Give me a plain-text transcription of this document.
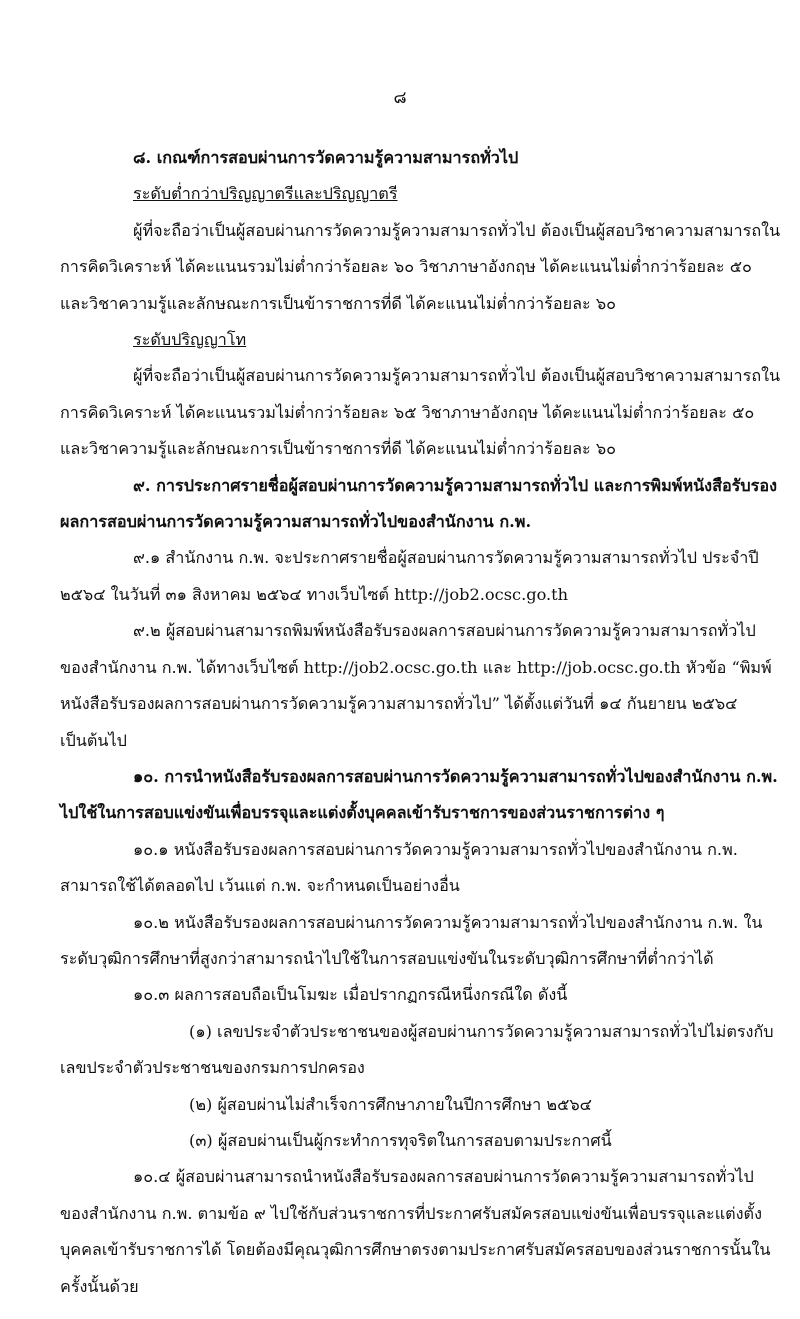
๘

๘. เกณฑ์การสอบผ่านการวัดความรู้ความสามารถทั่วไป

ระดับต่ำกว่าปริญญาตรีและปริญญาตรี

ผู้ที่จะถือว่าเป็นผู้สอบผ่านการวัดความรู้ความสามารถทั่วไป ต้องเป็นผู้สอบวิชาความสามารถในการคิดวิเคราะห์ ได้คะแนนรวมไม่ต่ำกว่าร้อยละ ๖๐ วิชาภาษาอังกฤษ ได้คะแนนไม่ต่ำกว่าร้อยละ ๕๐ และวิชาความรู้และลักษณะการเป็นข้าราชการที่ดี ได้คะแนนไม่ต่ำกว่าร้อยละ ๖๐

ระดับปริญญาโท

ผู้ที่จะถือว่าเป็นผู้สอบผ่านการวัดความรู้ความสามารถทั่วไป ต้องเป็นผู้สอบวิชาความสามารถในการคิดวิเคราะห์ ได้คะแนนรวมไม่ต่ำกว่าร้อยละ ๖๕ วิชาภาษาอังกฤษ ได้คะแนนไม่ต่ำกว่าร้อยละ ๕๐ และวิชาความรู้และลักษณะการเป็นข้าราชการที่ดี ได้คะแนนไม่ต่ำกว่าร้อยละ ๖๐

๙. การประกาศรายชื่อผู้สอบผ่านการวัดความรู้ความสามารถทั่วไป และการพิมพ์หนังสือรับรองผลการสอบผ่านการวัดความรู้ความสามารถทั่วไปของสำนักงาน ก.พ.

๙.๑ สำนักงาน ก.พ. จะประกาศรายชื่อผู้สอบผ่านการวัดความรู้ความสามารถทั่วไป ประจำปี ๒๕๖๔ ในวันที่ ๓๑ สิงหาคม ๒๕๖๔ ทางเว็บไซต์ http://job2.ocsc.go.th

๙.๒ ผู้สอบผ่านสามารถพิมพ์หนังสือรับรองผลการสอบผ่านการวัดความรู้ความสามารถทั่วไปของสำนักงาน ก.พ. ได้ทางเว็บไซต์ http://job2.ocsc.go.th และ http://job.ocsc.go.th หัวข้อ “พิมพ์หนังสือรับรองผลการสอบผ่านการวัดความรู้ความสามารถทั่วไป” ได้ตั้งแต่วันที่ ๑๔ กันยายน ๒๕๖๔ เป็นต้นไป

๑๐. การนำหนังสือรับรองผลการสอบผ่านการวัดความรู้ความสามารถทั่วไปของสำนักงาน ก.พ. ไปใช้ในการสอบแข่งขันเพื่อบรรจุและแต่งตั้งบุคคลเข้ารับราชการของส่วนราชการต่าง ๆ

๑๐.๑ หนังสือรับรองผลการสอบผ่านการวัดความรู้ความสามารถทั่วไปของสำนักงาน ก.พ. สามารถใช้ได้ตลอดไป เว้นแต่ ก.พ. จะกำหนดเป็นอย่างอื่น

๑๐.๒ หนังสือรับรองผลการสอบผ่านการวัดความรู้ความสามารถทั่วไปของสำนักงาน ก.พ. ในระดับวุฒิการศึกษาที่สูงกว่าสามารถนำไปใช้ในการสอบแข่งขันในระดับวุฒิการศึกษาที่ต่ำกว่าได้

๑๐.๓ ผลการสอบถือเป็นโมฆะ เมื่อปรากฏกรณีหนึ่งกรณีใด ดังนี้

(๑) เลขประจำตัวประชาชนของผู้สอบผ่านการวัดความรู้ความสามารถทั่วไปไม่ตรงกับเลขประจำตัวประชาชนของกรมการปกครอง

(๒) ผู้สอบผ่านไม่สำเร็จการศึกษาภายในปีการศึกษา ๒๕๖๔

(๓) ผู้สอบผ่านเป็นผู้กระทำการทุจริตในการสอบตามประกาศนี้

๑๐.๔ ผู้สอบผ่านสามารถนำหนังสือรับรองผลการสอบผ่านการวัดความรู้ความสามารถทั่วไปของสำนักงาน ก.พ. ตามข้อ ๙ ไปใช้กับส่วนราชการที่ประกาศรับสมัครสอบแข่งขันเพื่อบรรจุและแต่งตั้งบุคคลเข้ารับราชการได้ โดยต้องมีคุณวุฒิการศึกษาตรงตามประกาศรับสมัครสอบของส่วนราชการนั้นในครั้งนั้นด้วย
